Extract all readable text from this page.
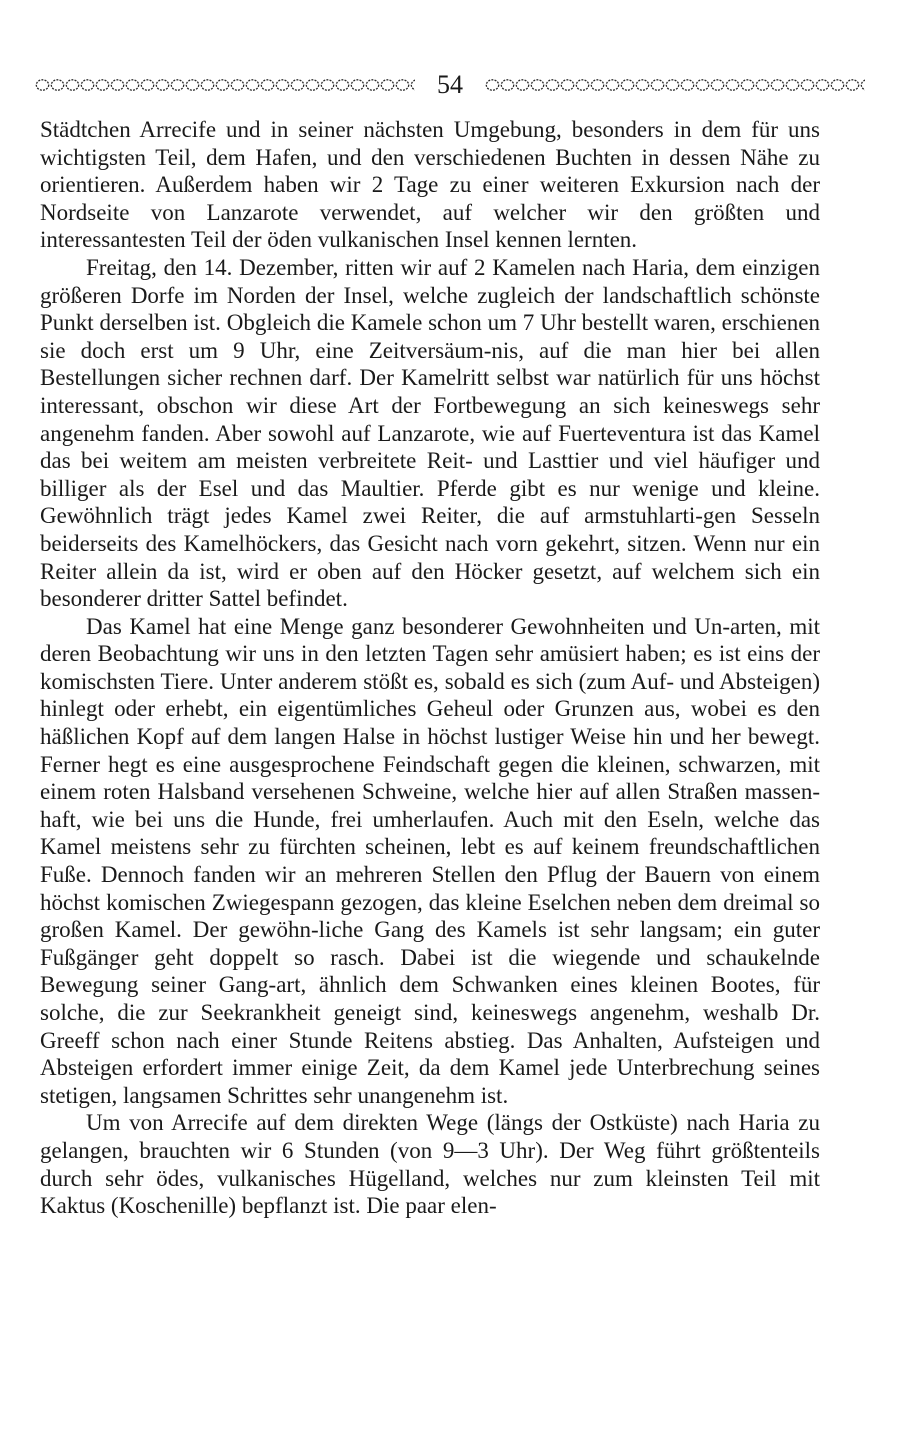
54

Städtchen Arrecife und in seiner nächsten Umgebung, besonders in dem für uns wichtigsten Teil, dem Hafen, und den verschiedenen Buchten in dessen Nähe zu orientieren. Außerdem haben wir 2 Tage zu einer weiteren Exkursion nach der Nordseite von Lanzarote verwendet, auf welcher wir den größten und interessantesten Teil der öden vulkanischen Insel kennen lernten.

Freitag, den 14. Dezember, ritten wir auf 2 Kamelen nach Haria, dem einzigen größeren Dorfe im Norden der Insel, welche zugleich der landschaftlich schönste Punkt derselben ist. Obgleich die Kamele schon um 7 Uhr bestellt waren, erschienen sie doch erst um 9 Uhr, eine Zeitversäum-nis, auf die man hier bei allen Bestellungen sicher rechnen darf. Der Kamelritt selbst war natürlich für uns höchst interessant, obschon wir diese Art der Fortbewegung an sich keineswegs sehr angenehm fanden. Aber sowohl auf Lanzarote, wie auf Fuerteventura ist das Kamel das bei weitem am meisten verbreitete Reit- und Lasttier und viel häufiger und billiger als der Esel und das Maultier. Pferde gibt es nur wenige und kleine. Gewöhnlich trägt jedes Kamel zwei Reiter, die auf armstuhlarti-gen Sesseln beiderseits des Kamelhöckers, das Gesicht nach vorn gekehrt, sitzen. Wenn nur ein Reiter allein da ist, wird er oben auf den Höcker gesetzt, auf welchem sich ein besonderer dritter Sattel befindet.

Das Kamel hat eine Menge ganz besonderer Gewohnheiten und Un-arten, mit deren Beobachtung wir uns in den letzten Tagen sehr amüsiert haben; es ist eins der komischsten Tiere. Unter anderem stößt es, sobald es sich (zum Auf- und Absteigen) hinlegt oder erhebt, ein eigentümliches Geheul oder Grunzen aus, wobei es den häßlichen Kopf auf dem langen Halse in höchst lustiger Weise hin und her bewegt. Ferner hegt es eine ausgesprochene Feindschaft gegen die kleinen, schwarzen, mit einem roten Halsband versehenen Schweine, welche hier auf allen Straßen massen-haft, wie bei uns die Hunde, frei umherlaufen. Auch mit den Eseln, welche das Kamel meistens sehr zu fürchten scheinen, lebt es auf keinem freundschaftlichen Fuße. Dennoch fanden wir an mehreren Stellen den Pflug der Bauern von einem höchst komischen Zwiegespann gezogen, das kleine Eselchen neben dem dreimal so großen Kamel. Der gewöhn-liche Gang des Kamels ist sehr langsam; ein guter Fußgänger geht doppelt so rasch. Dabei ist die wiegende und schaukelnde Bewegung seiner Gang-art, ähnlich dem Schwanken eines kleinen Bootes, für solche, die zur Seekrankheit geneigt sind, keineswegs angenehm, weshalb Dr. Greeff schon nach einer Stunde Reitens abstieg. Das Anhalten, Aufsteigen und Absteigen erfordert immer einige Zeit, da dem Kamel jede Unterbrechung seines stetigen, langsamen Schrittes sehr unangenehm ist.

Um von Arrecife auf dem direkten Wege (längs der Ostküste) nach Haria zu gelangen, brauchten wir 6 Stunden (von 9—3 Uhr). Der Weg führt größtenteils durch sehr ödes, vulkanisches Hügelland, welches nur zum kleinsten Teil mit Kaktus (Koschenille) bepflanzt ist. Die paar elen-
